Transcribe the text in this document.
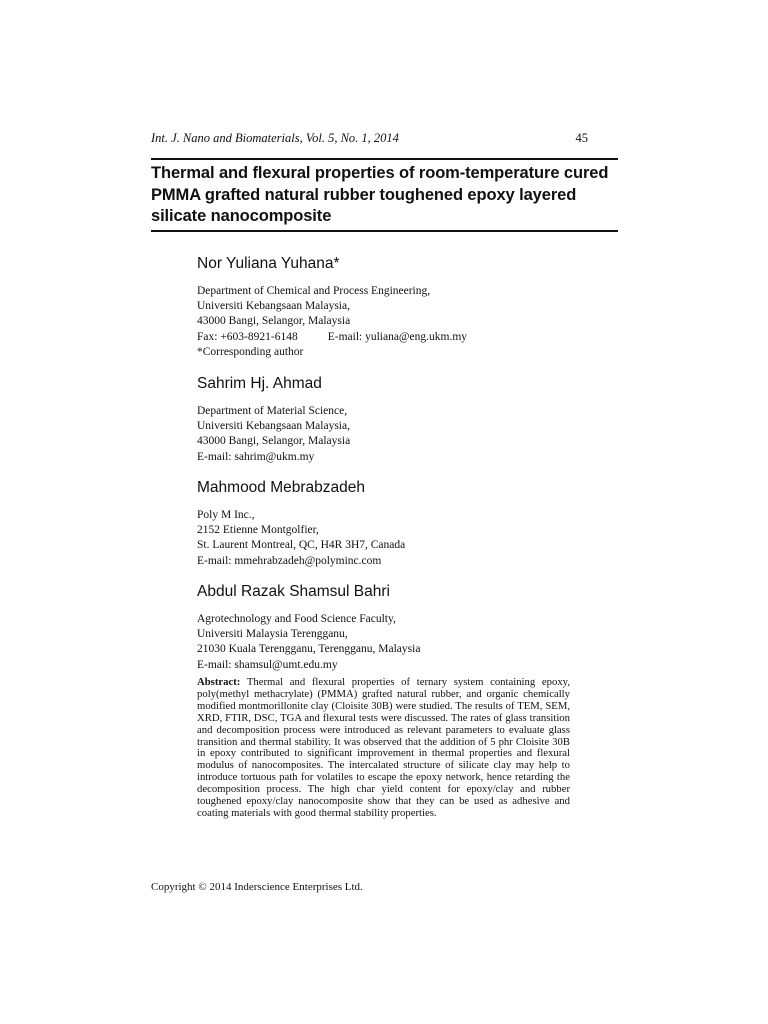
Int. J. Nano and Biomaterials, Vol. 5, No. 1, 2014	45
Thermal and flexural properties of room-temperature cured PMMA grafted natural rubber toughened epoxy layered silicate nanocomposite
Nor Yuliana Yuhana*
Department of Chemical and Process Engineering,
Universiti Kebangsaan Malaysia,
43000 Bangi, Selangor, Malaysia
Fax: +603-8921-6148	E-mail: yuliana@eng.ukm.my
*Corresponding author
Sahrim Hj. Ahmad
Department of Material Science,
Universiti Kebangsaan Malaysia,
43000 Bangi, Selangor, Malaysia
E-mail: sahrim@ukm.my
Mahmood Mebrabzadeh
Poly M Inc.,
2152 Etienne Montgolfier,
St. Laurent Montreal, QC, H4R 3H7, Canada
E-mail: mmehrabzadeh@polyminc.com
Abdul Razak Shamsul Bahri
Agrotechnology and Food Science Faculty,
Universiti Malaysia Terengganu,
21030 Kuala Terengganu, Terengganu, Malaysia
E-mail: shamsul@umt.edu.my

Abstract: Thermal and flexural properties of ternary system containing epoxy, poly(methyl methacrylate) (PMMA) grafted natural rubber, and organic chemically modified montmorillonite clay (Cloisite 30B) were studied. The results of TEM, SEM, XRD, FTIR, DSC, TGA and flexural tests were discussed. The rates of glass transition and decomposition process were introduced as relevant parameters to evaluate glass transition and thermal stability. It was observed that the addition of 5 phr Cloisite 30B in epoxy contributed to significant improvement in thermal properties and flexural modulus of nanocomposites. The intercalated structure of silicate clay may help to introduce tortuous path for volatiles to escape the epoxy network, hence retarding the decomposition process. The high char yield content for epoxy/clay and rubber toughened epoxy/clay nanocomposite show that they can be used as adhesive and coating materials with good thermal stability properties.

Copyright © 2014 Inderscience Enterprises Ltd.
